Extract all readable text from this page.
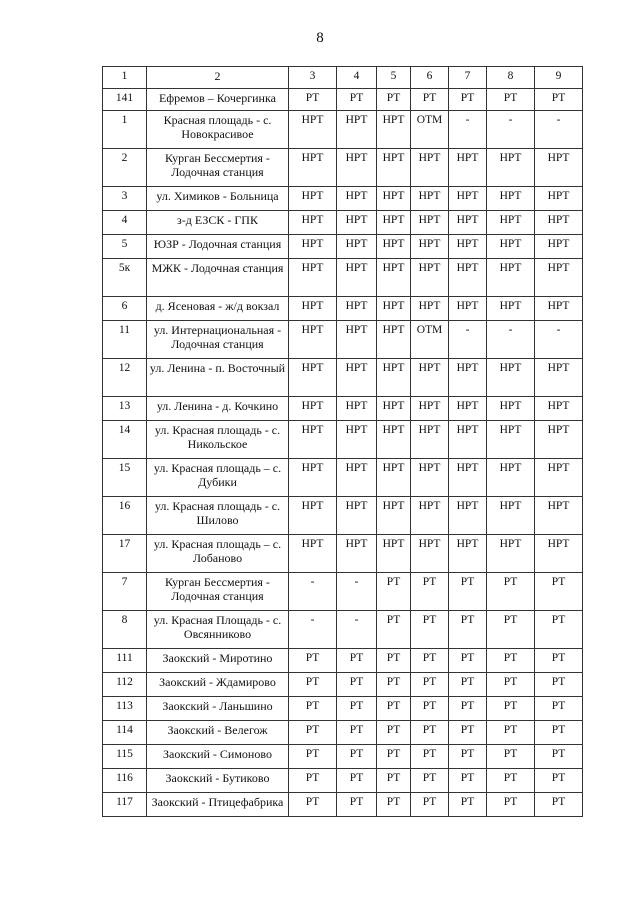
8
1	2	3	4	5	6	7	8	9
141	Ефремов – Кочергинка	РТ	РТ	РТ	РТ	РТ	РТ	РТ
1	Красная площадь - с. Новокрасивое	НРТ	НРТ	НРТ	ОТМ	-	-	-
2	Курган Бессмертия - Лодочная станция	НРТ	НРТ	НРТ	НРТ	НРТ	НРТ	НРТ
3	ул. Химиков - Больница	НРТ	НРТ	НРТ	НРТ	НРТ	НРТ	НРТ
4	з-д ЕЗСК - ГПК	НРТ	НРТ	НРТ	НРТ	НРТ	НРТ	НРТ
5	ЮЗР - Лодочная станция	НРТ	НРТ	НРТ	НРТ	НРТ	НРТ	НРТ
5к	МЖК - Лодочная станция	НРТ	НРТ	НРТ	НРТ	НРТ	НРТ	НРТ
6	д. Ясеновая - ж/д вокзал	НРТ	НРТ	НРТ	НРТ	НРТ	НРТ	НРТ
11	ул. Интернациональная - Лодочная станция	НРТ	НРТ	НРТ	ОТМ	-	-	-
12	ул. Ленина - п. Восточный	НРТ	НРТ	НРТ	НРТ	НРТ	НРТ	НРТ
13	ул. Ленина - д. Кочкино	НРТ	НРТ	НРТ	НРТ	НРТ	НРТ	НРТ
14	ул. Красная площадь - с. Никольское	НРТ	НРТ	НРТ	НРТ	НРТ	НРТ	НРТ
15	ул. Красная площадь – с. Дубики	НРТ	НРТ	НРТ	НРТ	НРТ	НРТ	НРТ
16	ул. Красная площадь - с. Шилово	НРТ	НРТ	НРТ	НРТ	НРТ	НРТ	НРТ
17	ул. Красная площадь – с. Лобаново	НРТ	НРТ	НРТ	НРТ	НРТ	НРТ	НРТ
7	Курган Бессмертия - Лодочная станция	-	-	РТ	РТ	РТ	РТ	РТ
8	ул. Красная Площадь - с. Овсянниково	-	-	РТ	РТ	РТ	РТ	РТ
111	Заокский - Миротино	РТ	РТ	РТ	РТ	РТ	РТ	РТ
112	Заокский - Ждамирово	РТ	РТ	РТ	РТ	РТ	РТ	РТ
113	Заокский - Ланьшино	РТ	РТ	РТ	РТ	РТ	РТ	РТ
114	Заокский - Велегож	РТ	РТ	РТ	РТ	РТ	РТ	РТ
115	Заокский - Симоново	РТ	РТ	РТ	РТ	РТ	РТ	РТ
116	Заокский - Бутиково	РТ	РТ	РТ	РТ	РТ	РТ	РТ
117	Заокский - Птицефабрика	РТ	РТ	РТ	РТ	РТ	РТ	РТ
